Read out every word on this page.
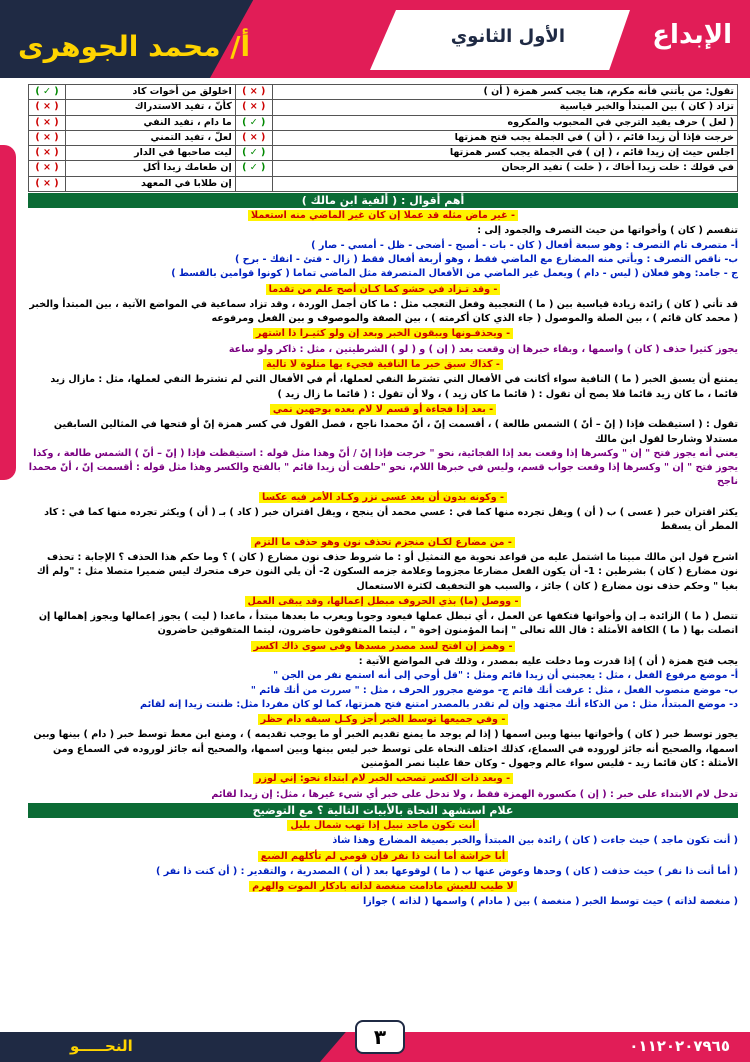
الإبداع
الأول الثانوي
أ/ محمد الجوهرى
تقول: من يأتني فأنه مكرم، هنا يجب كسر همزة ( أن )	( × )	اخلولق من أخوات كاد	( ✓ )
تزاد ( كان ) بين المبتدأ والخبر قياسية	( × )	كأنّ ، تفيد الاستدراك	( × )
( لعل ) حرف يفيد الترجي في المحبوب والمكروه	( ✓ )	ما دام ، تفيد النفي	( × )
خرجت فإذا أن زيدا قائم ، ( أن ) في الجملة يجب فتح همزتها	( × )	لعلّ ، تفيد التمني	( × )
اجلس حيث إن زيدا قائم ، ( إن ) في الجملة يجب كسر همزتها	( ✓ )	ليت صاحبها في الدار	( × )
في قولك : خلت زيدا أخاك ، ( خلت ) تفيد الرجحان	( ✓ )	إن طعامك زيدا أكل	( × )
		إن طلابا في المعهد	( × )
أهم أقوال : ( ألفية ابن مالك )
- غير ماض مثله قد عملا إن كان غير الماضي منه استعملا
تنقسم ( كان ) وأخواتها من حيث التصرف والجمود إلى :
أ- متصرف تام التصرف : وهو سبعة أفعال ( كان - بات - أصبح - أضحى - ظل - أمسي - صار )
ب- ناقص التصرف : ويأتي منه المضارع مع الماضي فقط ، وهو أربعة أفعال فقط ( زال - فتئ - انفك - برح )
ج - جامد: وهو فعلان ( ليس - دام ) ويعمل غير الماضي من الأفعال المتصرفة مثل الماضي تماما ( كونوا قوامين بالقسط )
- وقد تـزاد في حشو كما كـان أصح علم من تقدما
قد تأتي ( كان ) زائدة زيادة قياسية بين ( ما ) التعجبية وفعل التعجب مثل : ما كان أجمل الوردة ، وقد تزاد سماعية في المواضع الآتية ، بين المبتدأ والخبر ( محمد كان قائم ) ، بين الصلة والموصول ( جاء الذي كان أكرمته ) ، بين الصفة والموصوف و بين الفعل ومرفوعه
- ويحذفـونها ويبقون الخبر وبعد إن ولو كثيـرا ذا اشتهر
يجوز كثيرا حذف ( كان ) واسمها ، وبقاء خبرها إن وقعت بعد ( إن ) و ( لو ) الشرطيتين ، مثل : ذاكر ولو ساعة
- كذاك سبق خبر ما النافية فجيء بها متلوة لا تالية
يمتنع أن يسبق الخبر ( ما ) النافية سواء أكانت في الأفعال التي تشترط النفي لعملها، أم في الأفعال التي لم تشترط النفي لعملها، مثل : مازال زيد قائما ، ما كان زيد قائما فلا يصح أن تقول : ( قائما ما كان زيد ) ، ولا أن تقول : ( قائما ما زال زيد )
- بعد إذا فجاءة أو قسم لا لام بعده بوجهين نمي
تقول : ( استيقظت فإذا ( إنّ – أنّ ) الشمس طالعة ) ، أقسمت إنّ ، أنّ محمدا ناجح ، فصل القول في كسر همزة إنّ أو فتحها في المثالين السابقين مستدلا وشارحا لقول ابن مالك
يعني أنه يجوز فتح " إن " وكسرها إذا وقعت بعد إذا الفجائية، نحو " خرجت فإذا إنّ / أنّ وهذا مثل قوله : استيقظت فإذا ( إنّ – أنّ ) الشمس طالعة ، وكذا يجوز فتح " إن " وكسرها إذا وقعت جواب قسم، وليس في خبرها اللام، نحو "حلفت أن زيدا قائم " بالفتح والكسر وهذا مثل قوله : أقسمت إنّ ، أنّ محمدا ناجح
- وكونه بدون أن بعد عسى نزر وكـاد الأمر فيه عكسا
يكثر اقتران خبر ( عسى ) ب ( أن ) ويقل تجرده منها كما في : عسي محمد أن ينجح ، ويقل اقتران خبر ( كاد ) بـ ( أن ) ويكثر تجرده منها كما في : كاد المطر أن يسقط
- من مضارع لكـان منجزم تحذف نون وهو حذف ما التزم
اشرح قول ابن مالك مبينا ما اشتمل عليه من قواعد نحوية مع التمثيل أو : ما شروط حذف نون مضارع ( كان ) ؟ وما حكم هذا الحذف ؟ الإجابة : تحذف نون مضارع ( كان ) بشرطين : 1- أن يكون الفعل مضارعا مجزوما وعلامة جزمه السكون 2- أن يلي النون حرف متحرك ليس ضميرا متصلا مثل : "ولم أك بغيا " وحكم حذف نون مضارع ( كان ) جائز ، والسبب هو التخفيف لكثرة الاستعمال
- ووصل (ما) بذي الحروف مبطل إعمالها، وقد يبقى العمل
تتصل ( ما ) الزائدة بـ إن وأخواتها فتكفها عن العمل ، أي تبطل عملها فيعود وجوبا ويعرب ما بعدها مبتدأ ، ماعدا ( ليت ) يجوز إعمالها ويجوز إهمالها إن اتصلت بها ( ما ) الكافة الأمثلة : قال الله تعالى " إنما المؤمنون إخوة " ، ليتما المتفوقون حاضرون، ليتما المتفوقين حاضرون
- وهمز إن افتح لسد مصدر مسدها وفى سوى ذاك اكسر
يجب فتح همزة ( أن ) إذا قدرت وما دخلت عليه بمصدر ، وذلك في المواضع الآتية :
أ- موضع مرفوع الفعل ، مثل : يعجبني أن زيدا قائم ومثل : "قل أوحي إلى أنه استمع نفر من الجن "
ب- موضع منصوب الفعل ، مثل : عرفت أنك قائم ج- موضع مجرور الحرف ، مثل : " سررت من أنك قائم "
د- موضع المبتدأ، مثل : من الذكاء أنك مجتهد وإن لم تقدر بالمصدر امتنع فتح همزتها، كما لو كان مفردا مثل: ظننت زيدا إنه لقائم
- وفي جميعها توسط الخبر أجز وكـل سبقه دام حظر
يجوز توسط خبر ( كان ) وأخواتها بينها وبين اسمها ( إذا لم يوجد ما يمنع تقديم الخبر أو ما يوجب تقديمه ) ، ومنع ابن معط توسط خبر ( دام ) بينها وبين اسمها، والصحيح أنه جائز لوروده في السماع، كذلك اختلف النحاة على توسط خبر ليس بينها وبين اسمها، والصحيح أنه جائز لوروده في السماع ومن الأمثلة : كان قائما زيد - فليس سواء عالم وجهول - وكان حقا علينا نصر المؤمنين
- وبعد ذات الكسر تصحب الخبر لام ابتداء نحو: إني لوزر
تدخل لام الابتداء على خبر : ( إن ) مكسورة الهمزة فقط ، ولا تدخل على خبر أي شيء غيرها ، مثل: إن زيدا لقائم
علام استشهد النحاة بالأبيات التالية ؟ مع التوضيح
أنت تكون ماجد نبيل إذا تهب شمال بليل
( أنت تكون ماجد ) حيث جاءت ( كان ) زائدة بين المبتدأ والخبر بصيغة المضارع وهذا شاذ
أبا خراشة أما أنت ذا نفر فإن قومي لم تأكلهم الضبع
( أما أنت ذا نفر ) حيث حذفت ( كان ) وحدها وعوض عنها ب ( ما ) لوقوعها بعد ( أن ) المصدرية ، والتقدير : ( أن كنت ذا نفر )
لا طيب للعيش مادامت منغصة لذاته بادكار الموت والهرم
( منغصة لذاته ) حيث توسط الخبر ( منغصة ) بين ( مادام ) واسمها ( لذاته ) جوازا
٠١١٢٠٢٠٧٩٦٥
٣
النحـــــو
